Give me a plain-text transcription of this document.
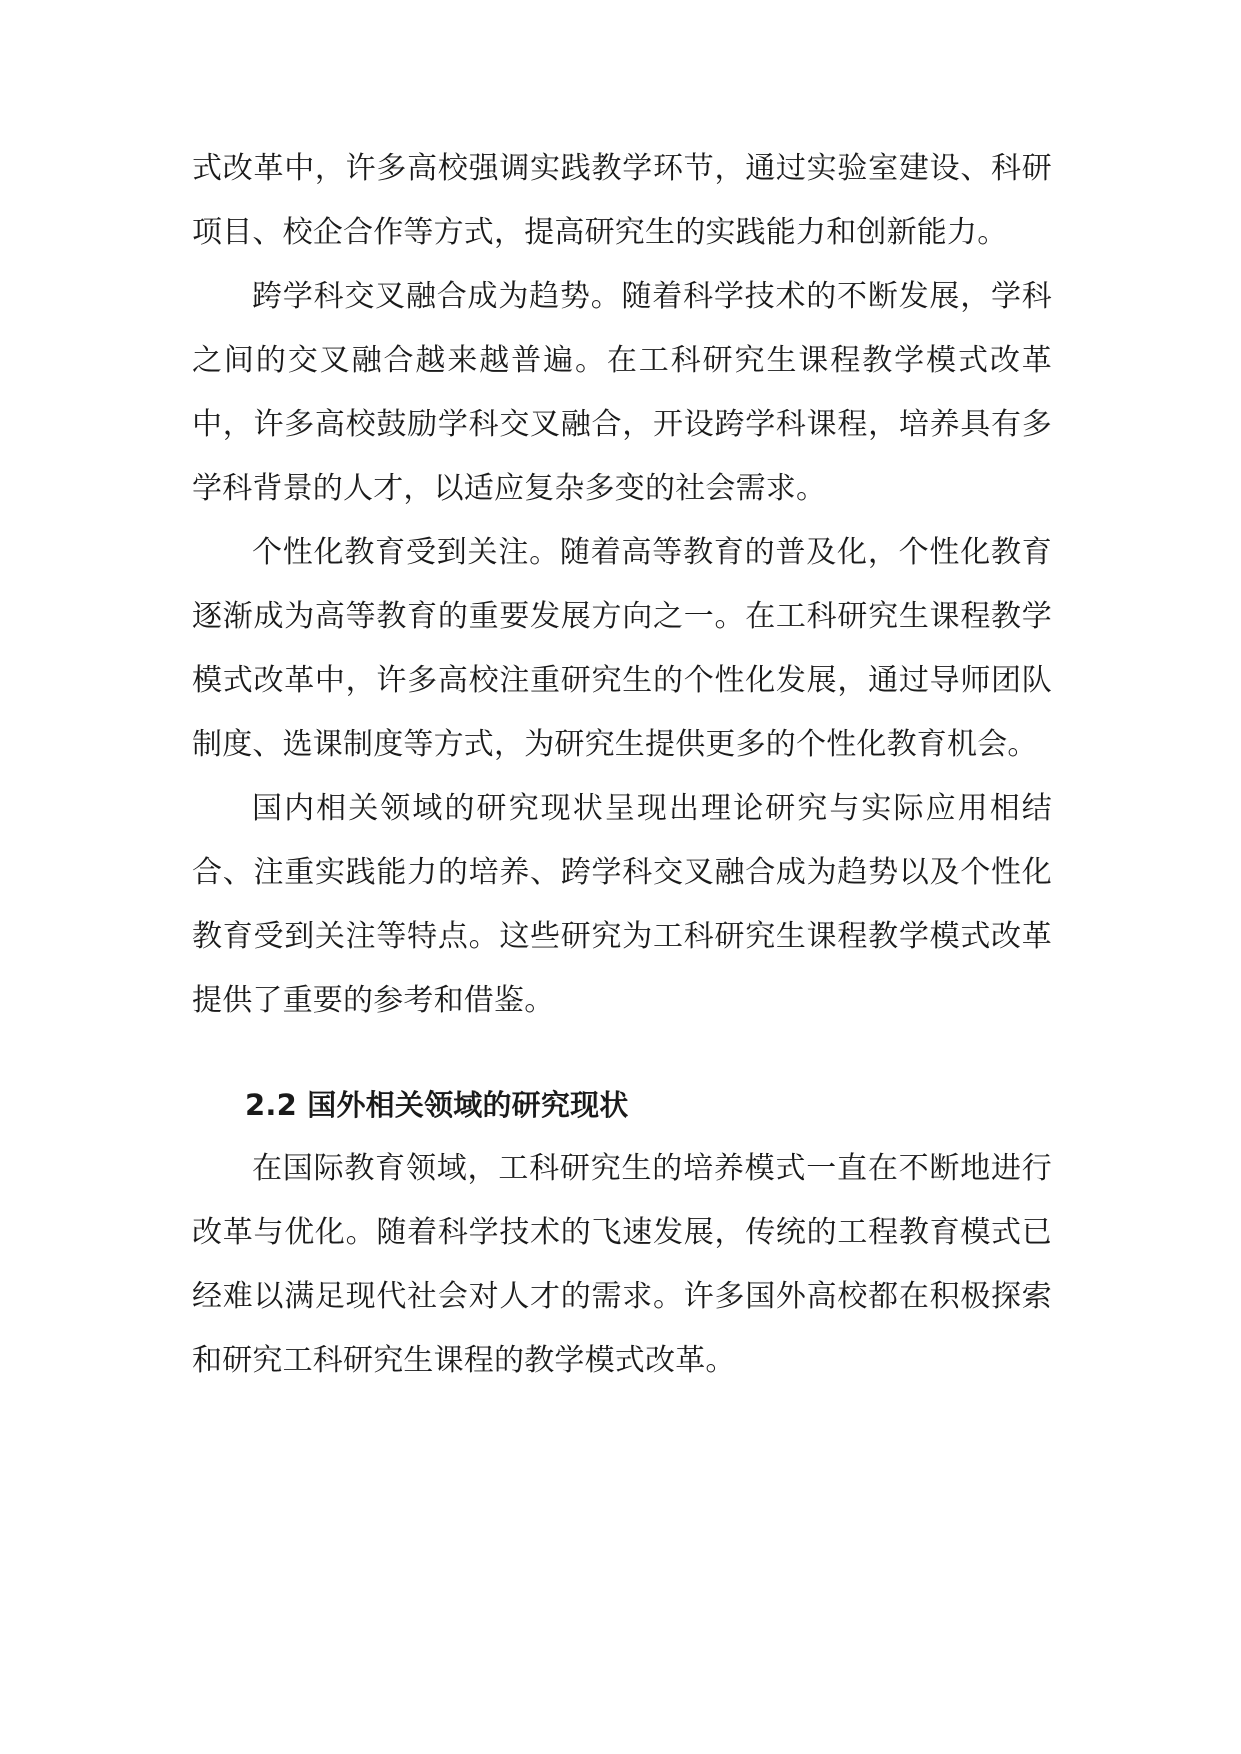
式改革中，许多高校强调实践教学环节，通过实验室建设、科研项目、校企合作等方式，提高研究生的实践能力和创新能力。

跨学科交叉融合成为趋势。随着科学技术的不断发展，学科之间的交叉融合越来越普遍。在工科研究生课程教学模式改革中，许多高校鼓励学科交叉融合，开设跨学科课程，培养具有多学科背景的人才，以适应复杂多变的社会需求。

个性化教育受到关注。随着高等教育的普及化，个性化教育逐渐成为高等教育的重要发展方向之一。在工科研究生课程教学模式改革中，许多高校注重研究生的个性化发展，通过导师团队制度、选课制度等方式，为研究生提供更多的个性化教育机会。

国内相关领域的研究现状呈现出理论研究与实际应用相结合、注重实践能力的培养、跨学科交叉融合成为趋势以及个性化教育受到关注等特点。这些研究为工科研究生课程教学模式改革提供了重要的参考和借鉴。

2.2 国外相关领域的研究现状

在国际教育领域，工科研究生的培养模式一直在不断地进行改革与优化。随着科学技术的飞速发展，传统的工程教育模式已经难以满足现代社会对人才的需求。许多国外高校都在积极探索和研究工科研究生课程的教学模式改革。
